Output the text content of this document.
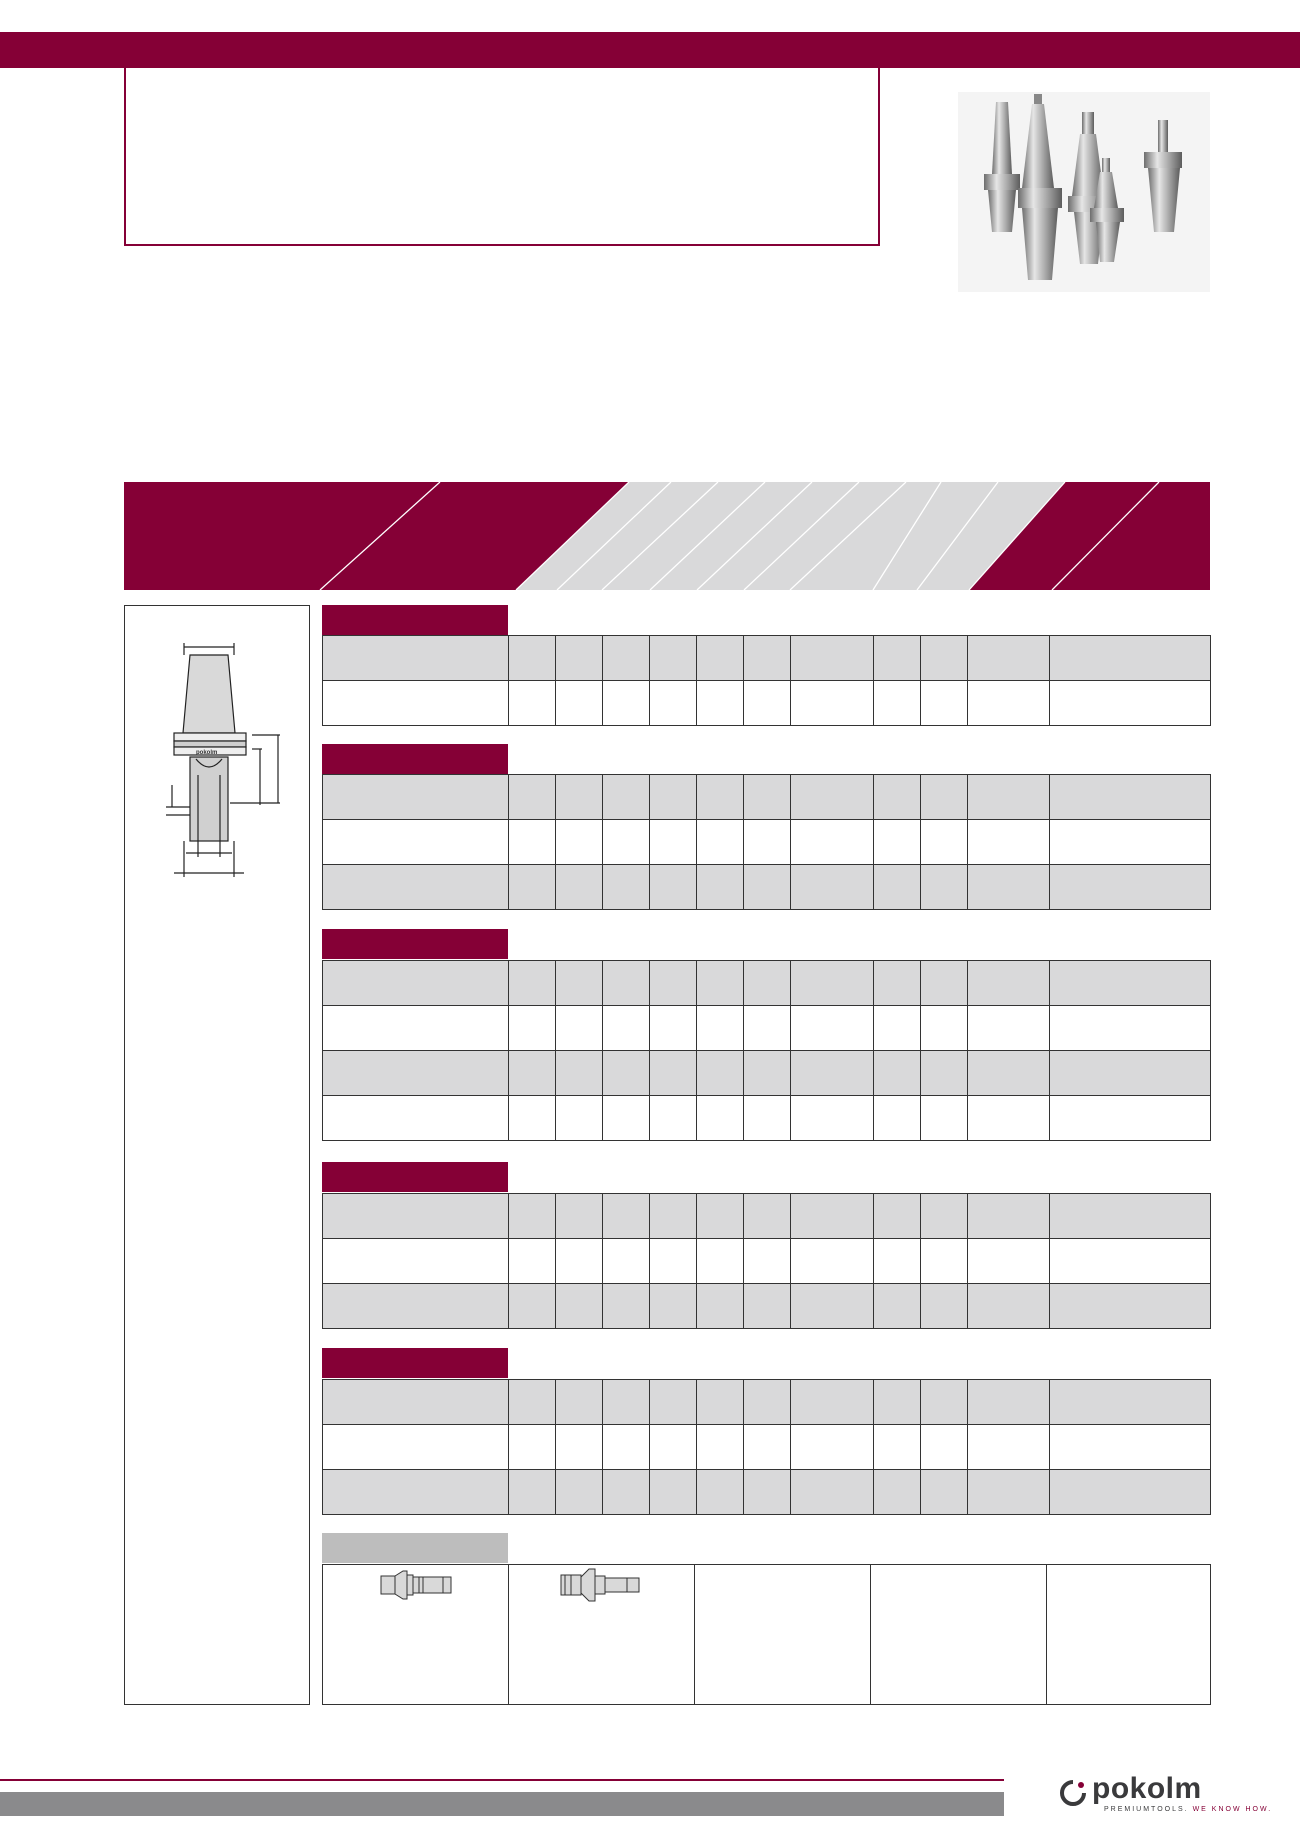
pokolm

pokolm
PREMIUMTOOLS. WE KNOW HOW.
